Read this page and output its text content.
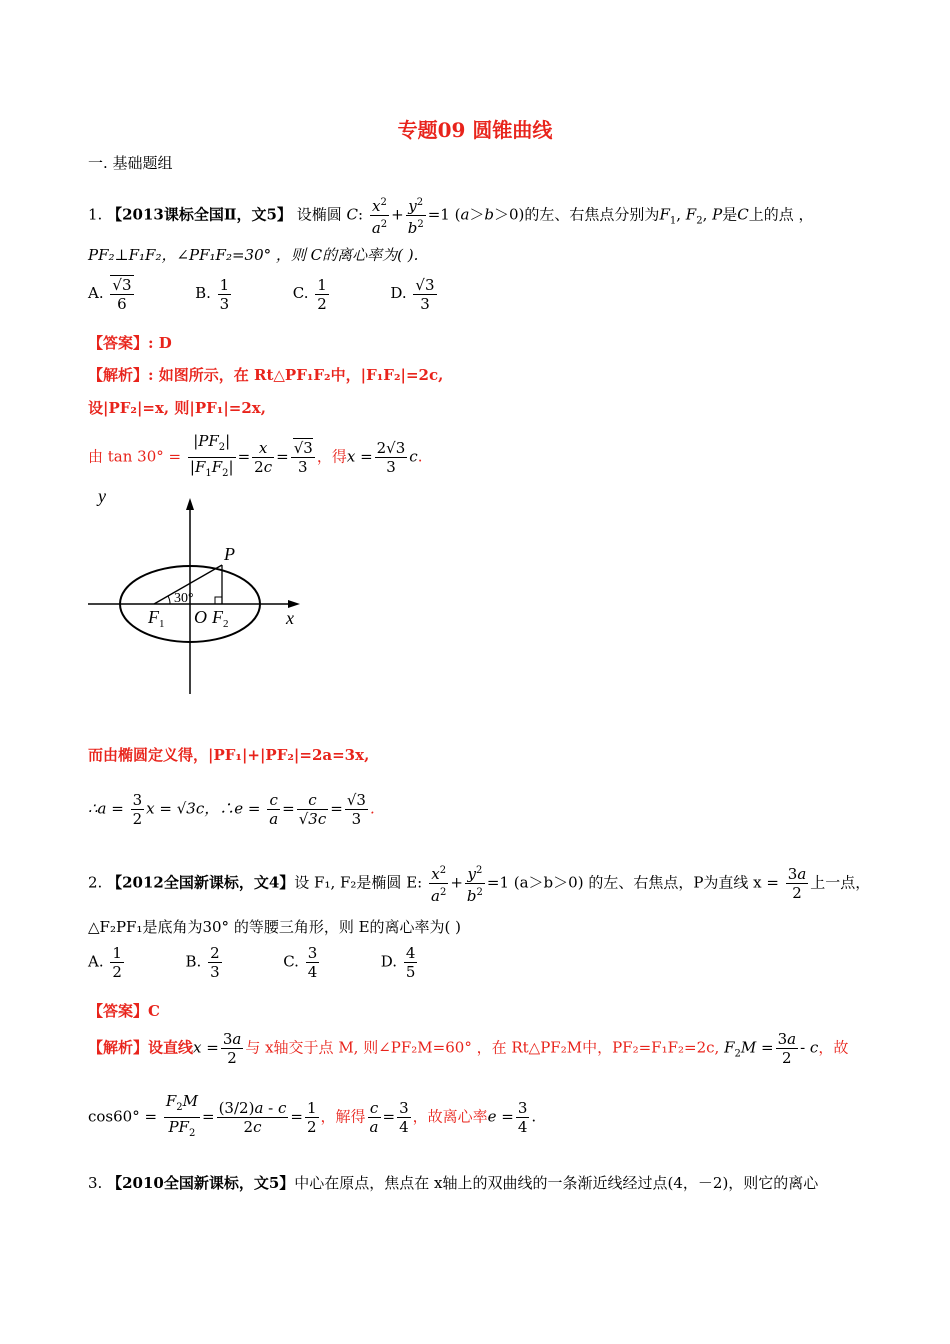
专题09 圆锥曲线
一. 基础题组
1. 【2013课标全国Ⅱ，文5】 设椭圆 C: $\frac{x^2}{a^2} + \frac{y^2}{b^2} =1$ (a＞b＞0)的左、右焦点分别为$F_1$, $F_2$, P是C上的点 ，
PF₂⊥F₁F₂，∠PF₁F₂=30° ，则 C的离心率为( ).
A. $\frac{√3}{6}$	B. $\frac{1}{3}$	C. $\frac{1}{2}$	D. $\frac{√3}{3}$
【答案】: D
【解析】: 如图所示，在 Rt△PF₁F₂中，|F₁F₂|=2c,
设|PF₂|=x, 则|PF₁|=2x,
由 $\tan 30^\circ = \frac{|PF_2|}{|F_1F_2|} = \frac{x}{2c} = \frac{√3}{3}$ ，得$x = \frac{2√3}{3} c$.
y
x
P
30°
F 1 O F 2
而由椭圆定义得，|PF₁|+|PF₂|=2a=3x,
∴a = $\frac{3}{2}$ x = √3c，∴e = $\frac{c}{a} = \frac{c}{√3c} = \frac{√3}{3}$ .
2. 【2012全国新课标，文4】设 F₁, F₂是椭圆 E: $\frac{x^2}{a^2} + \frac{y^2}{b^2} =1$ (a＞b＞0) 的左、右焦点，P为直线 $x = \frac{3a}{2}$ 上一点，
△F₂PF₁是底角为30° 的等腰三角形，则 E的离心率为( )
A. $\frac{1}{2}$	B. $\frac{2}{3}$	C. $\frac{3}{4}$	D. $\frac{4}{5}$
【答案】C
【解析】设直线$x = \frac{3a}{2}$ 与 x轴交于点 M, 则∠PF₂M=60° ，在 Rt△PF₂M中，PF₂=F₁F₂=2c, $F_2M = \frac{3a}{2} - c$，故
$\cos 60^\circ = \frac{F_2M}{PF_2} = \frac{(3/2)a - c}{2c} = \frac{1}{2}$ ，解得 $\frac{c}{a} = \frac{3}{4}$ ，故离心率$e = \frac{3}{4}$ .
3. 【2010全国新课标，文5】中心在原点，焦点在 x轴上的双曲线的一条渐近线经过点(4，－2)，则它的离心
